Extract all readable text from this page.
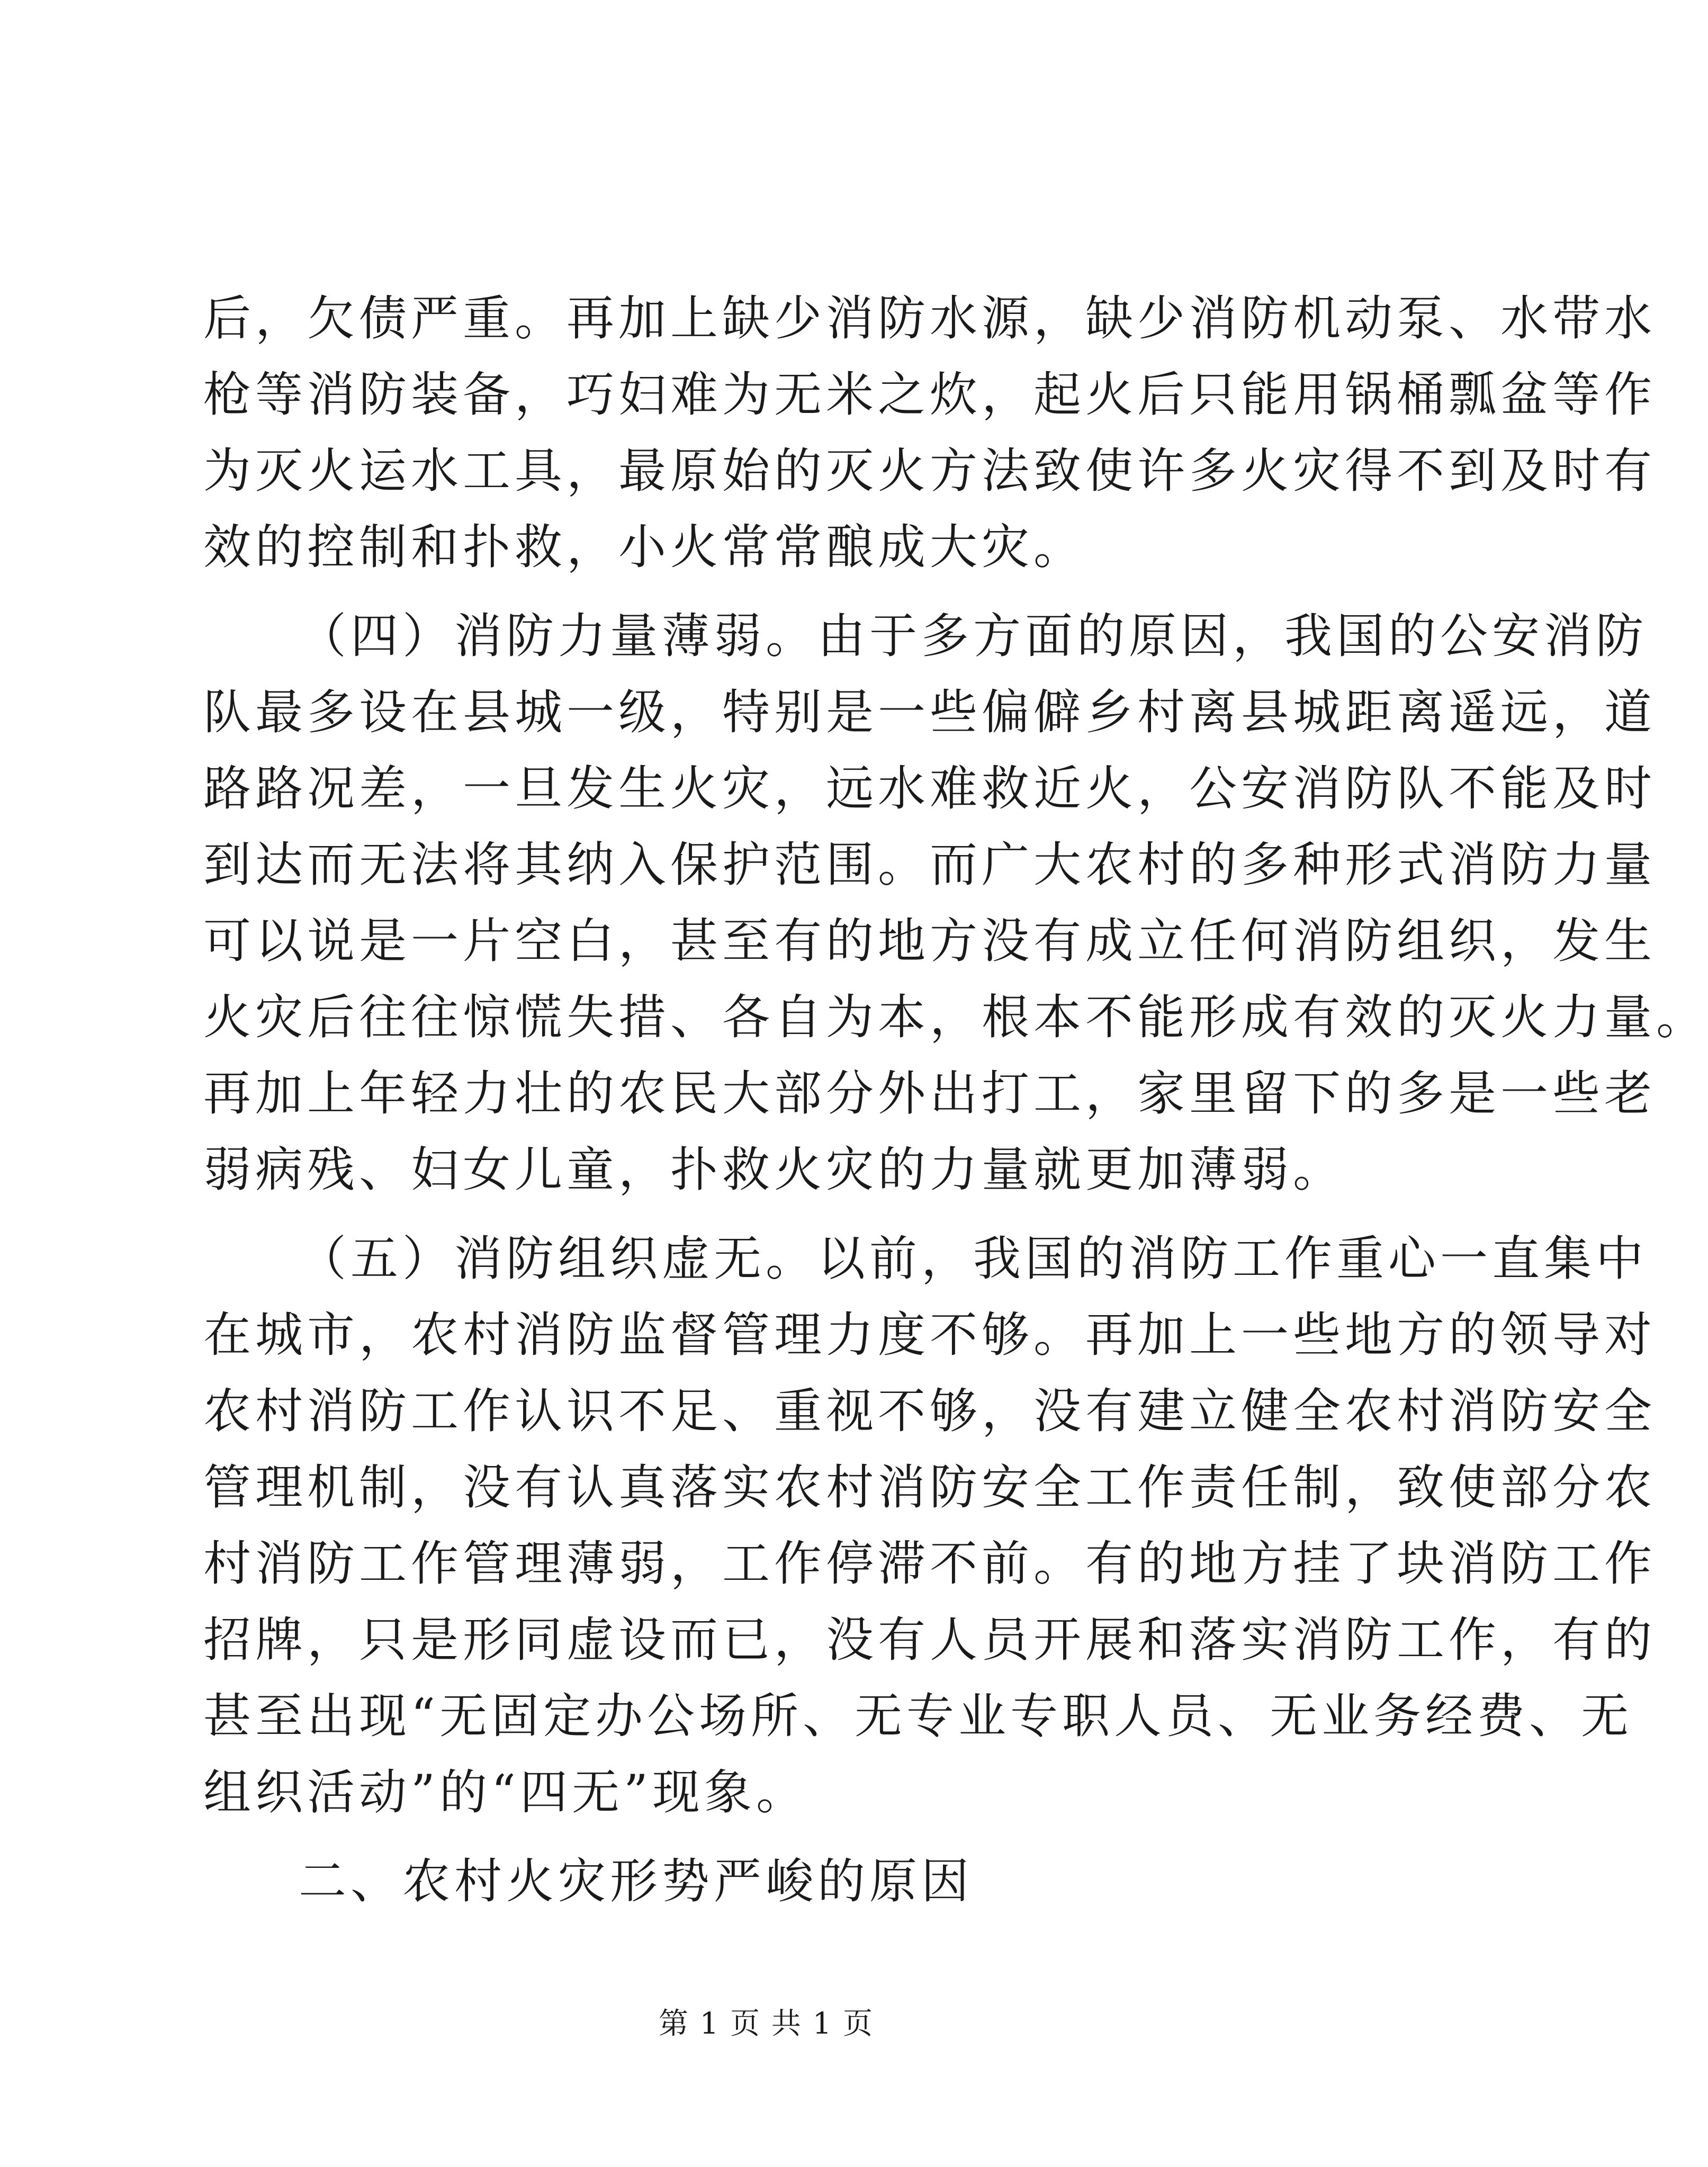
后，欠债严重。再加上缺少消防水源，缺少消防机动泵、水带水
枪等消防装备，巧妇难为无米之炊，起火后只能用锅桶瓢盆等作
为灭火运水工具，最原始的灭火方法致使许多火灾得不到及时有
效的控制和扑救，小火常常酿成大灾。
（四）消防力量薄弱。由于多方面的原因，我国的公安消防
队最多设在县城一级，特别是一些偏僻乡村离县城距离遥远，道
路路况差，一旦发生火灾，远水难救近火，公安消防队不能及时
到达而无法将其纳入保护范围。而广大农村的多种形式消防力量
可以说是一片空白，甚至有的地方没有成立任何消防组织，发生
火灾后往往惊慌失措、各自为本，根本不能形成有效的灭火力量。
再加上年轻力壮的农民大部分外出打工，家里留下的多是一些老
弱病残、妇女儿童，扑救火灾的力量就更加薄弱。
（五）消防组织虚无。以前，我国的消防工作重心一直集中
在城市，农村消防监督管理力度不够。再加上一些地方的领导对
农村消防工作认识不足、重视不够，没有建立健全农村消防安全
管理机制，没有认真落实农村消防安全工作责任制，致使部分农
村消防工作管理薄弱，工作停滞不前。有的地方挂了块消防工作
招牌，只是形同虚设而已，没有人员开展和落实消防工作，有的
甚至出现“无固定办公场所、无专业专职人员、无业务经费、无
组织活动”的“四无”现象。
二、农村火灾形势严峻的原因
第 1 页 共 1 页
